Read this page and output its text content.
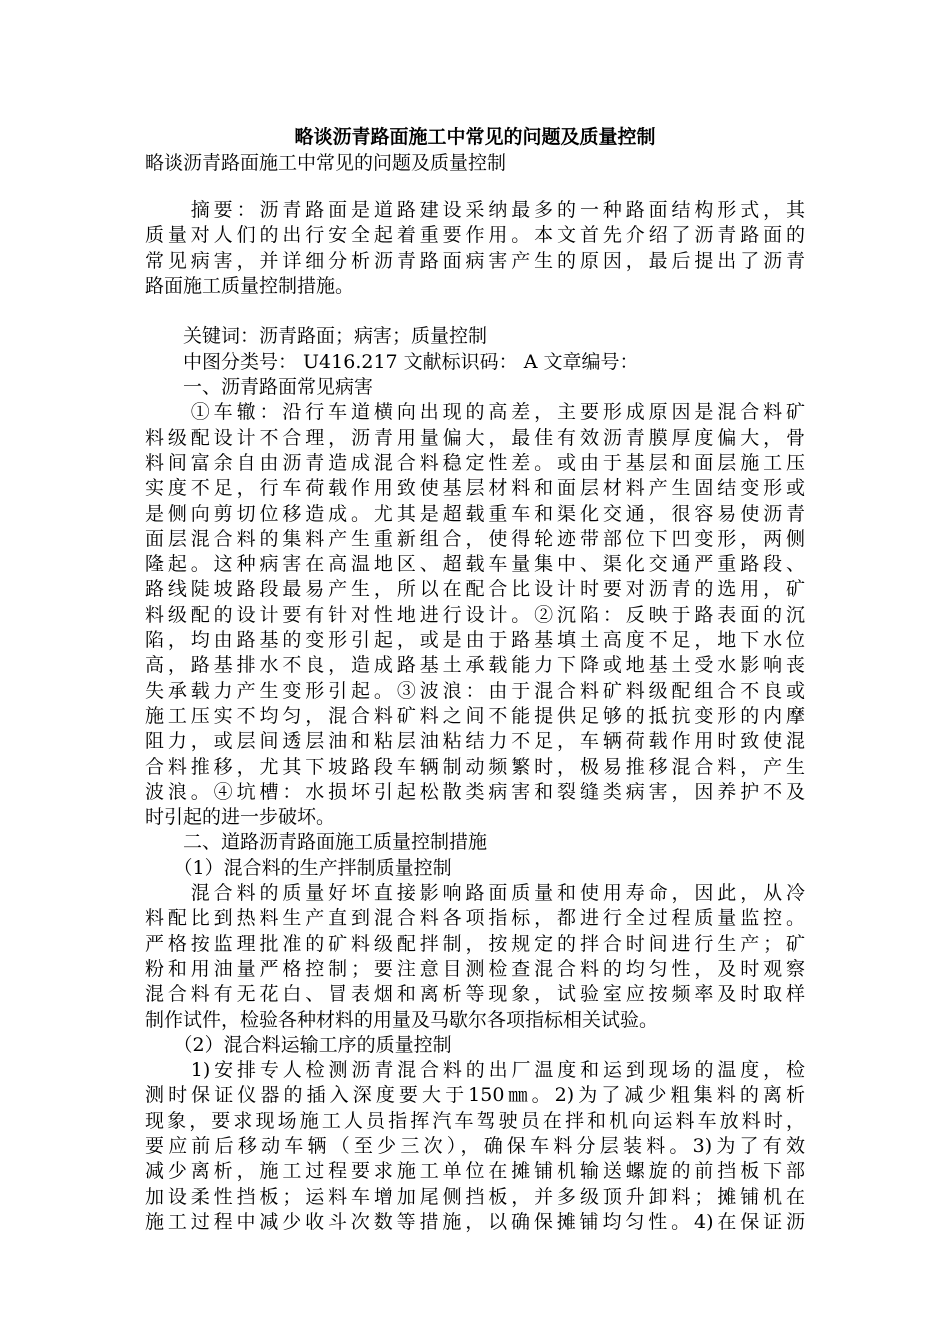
略谈沥青路面施工中常见的问题及质量控制
略谈沥青路面施工中常见的问题及质量控制
　　摘要：沥青路面是道路建设采纳最多的一种路面结构形式，其
质量对人们的出行安全起着重要作用。本文首先介绍了沥青路面的
常见病害，并详细分析沥青路面病害产生的原因，最后提出了沥青
路面施工质量控制措施。
　　关键词：沥青路面；病害；质量控制
　　中图分类号： U416.217 文献标识码： A 文章编号：
　　一、沥青路面常见病害
　　①车辙：沿行车道横向出现的高差，主要形成原因是混合料矿
料级配设计不合理，沥青用量偏大，最佳有效沥青膜厚度偏大，骨
料间富余自由沥青造成混合料稳定性差。或由于基层和面层施工压
实度不足，行车荷载作用致使基层材料和面层材料产生固结变形或
是侧向剪切位移造成。尤其是超载重车和渠化交通，很容易使沥青
面层混合料的集料产生重新组合，使得轮迹带部位下凹变形，两侧
隆起。这种病害在高温地区、超载车量集中、渠化交通严重路段、
路线陡坡路段最易产生，所以在配合比设计时要对沥青的选用，矿
料级配的设计要有针对性地进行设计。②沉陷：反映于路表面的沉
陷，均由路基的变形引起，或是由于路基填土高度不足，地下水位
高，路基排水不良，造成路基土承载能力下降或地基土受水影响丧
失承载力产生变形引起。③波浪：由于混合料矿料级配组合不良或
施工压实不均匀，混合料矿料之间不能提供足够的抵抗变形的内摩
阻力，或层间透层油和粘层油粘结力不足，车辆荷载作用时致使混
合料推移，尤其下坡路段车辆制动频繁时，极易推移混合料，产生
波浪。④坑槽：水损坏引起松散类病害和裂缝类病害，因养护不及
时引起的进一步破坏。
　　二、道路沥青路面施工质量控制措施
　　（1）混合料的生产拌制质量控制
　　混合料的质量好坏直接影响路面质量和使用寿命，因此，从冷
料配比到热料生产直到混合料各项指标，都进行全过程质量监控。
严格按监理批准的矿料级配拌制，按规定的拌合时间进行生产；矿
粉和用油量严格控制；要注意目测检查混合料的均匀性，及时观察
混合料有无花白、冒表烟和离析等现象，试验室应按频率及时取样
制作试件，检验各种材料的用量及马歇尔各项指标相关试验。
　　（2）混合料运输工序的质量控制
　　1)安排专人检测沥青混合料的出厂温度和运到现场的温度，检
测时保证仪器的插入深度要大于150㎜。2)为了减少粗集料的离析
现象，要求现场施工人员指挥汽车驾驶员在拌和机向运料车放料时，
要应前后移动车辆（至少三次），确保车料分层装料。3)为了有效
减少离析，施工过程要求施工单位在摊铺机输送螺旋的前挡板下部
加设柔性挡板；运料车增加尾侧挡板，并多级顶升卸料；摊铺机在
施工过程中减少收斗次数等措施，以确保摊铺均匀性。4)在保证沥
